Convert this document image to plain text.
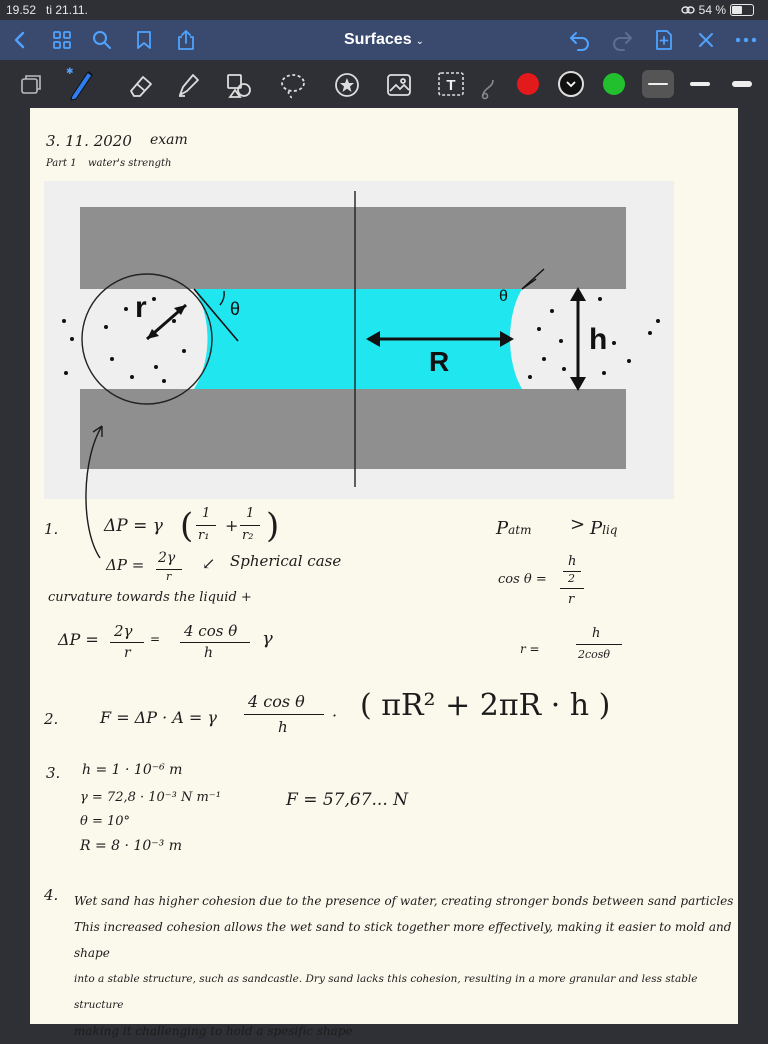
19.52 ti 21.11.	54 %
Surfaces ⌄
✱
T
3. 11. 2020 exam
Part 1 water's strength
r	θ
θ
R
h
1.	ΔP = γ ( 1
r₁
+
1
r₂ )
ΔP = 2γ
r
↙ Spherical case
curvature towards the liquid +
ΔP = 2γ
r
= 4 cos θ
h
γ
Patm > Pliq
cos θ =
h
2
r
r =
h
2cosθ
2.	F = ΔP · A = γ
4 cos θ
h
· ( πR² + 2πR · h )
3. h = 1 · 10⁻⁶ m
γ = 72,8 · 10⁻³ N m⁻¹
θ = 10°
R = 8 · 10⁻³ m
F = 57,67... N
4. Wet sand has higher cohesion due to the presence of water, creating stronger bonds between sand particles
This increased cohesion allows the wet sand to stick together more effectively, making it easier to mold and shape
into a stable structure, such as sandcastle. Dry sand lacks this cohesion, resulting in a more granular and less stable structure
making it challenging to hold a spesific shape
